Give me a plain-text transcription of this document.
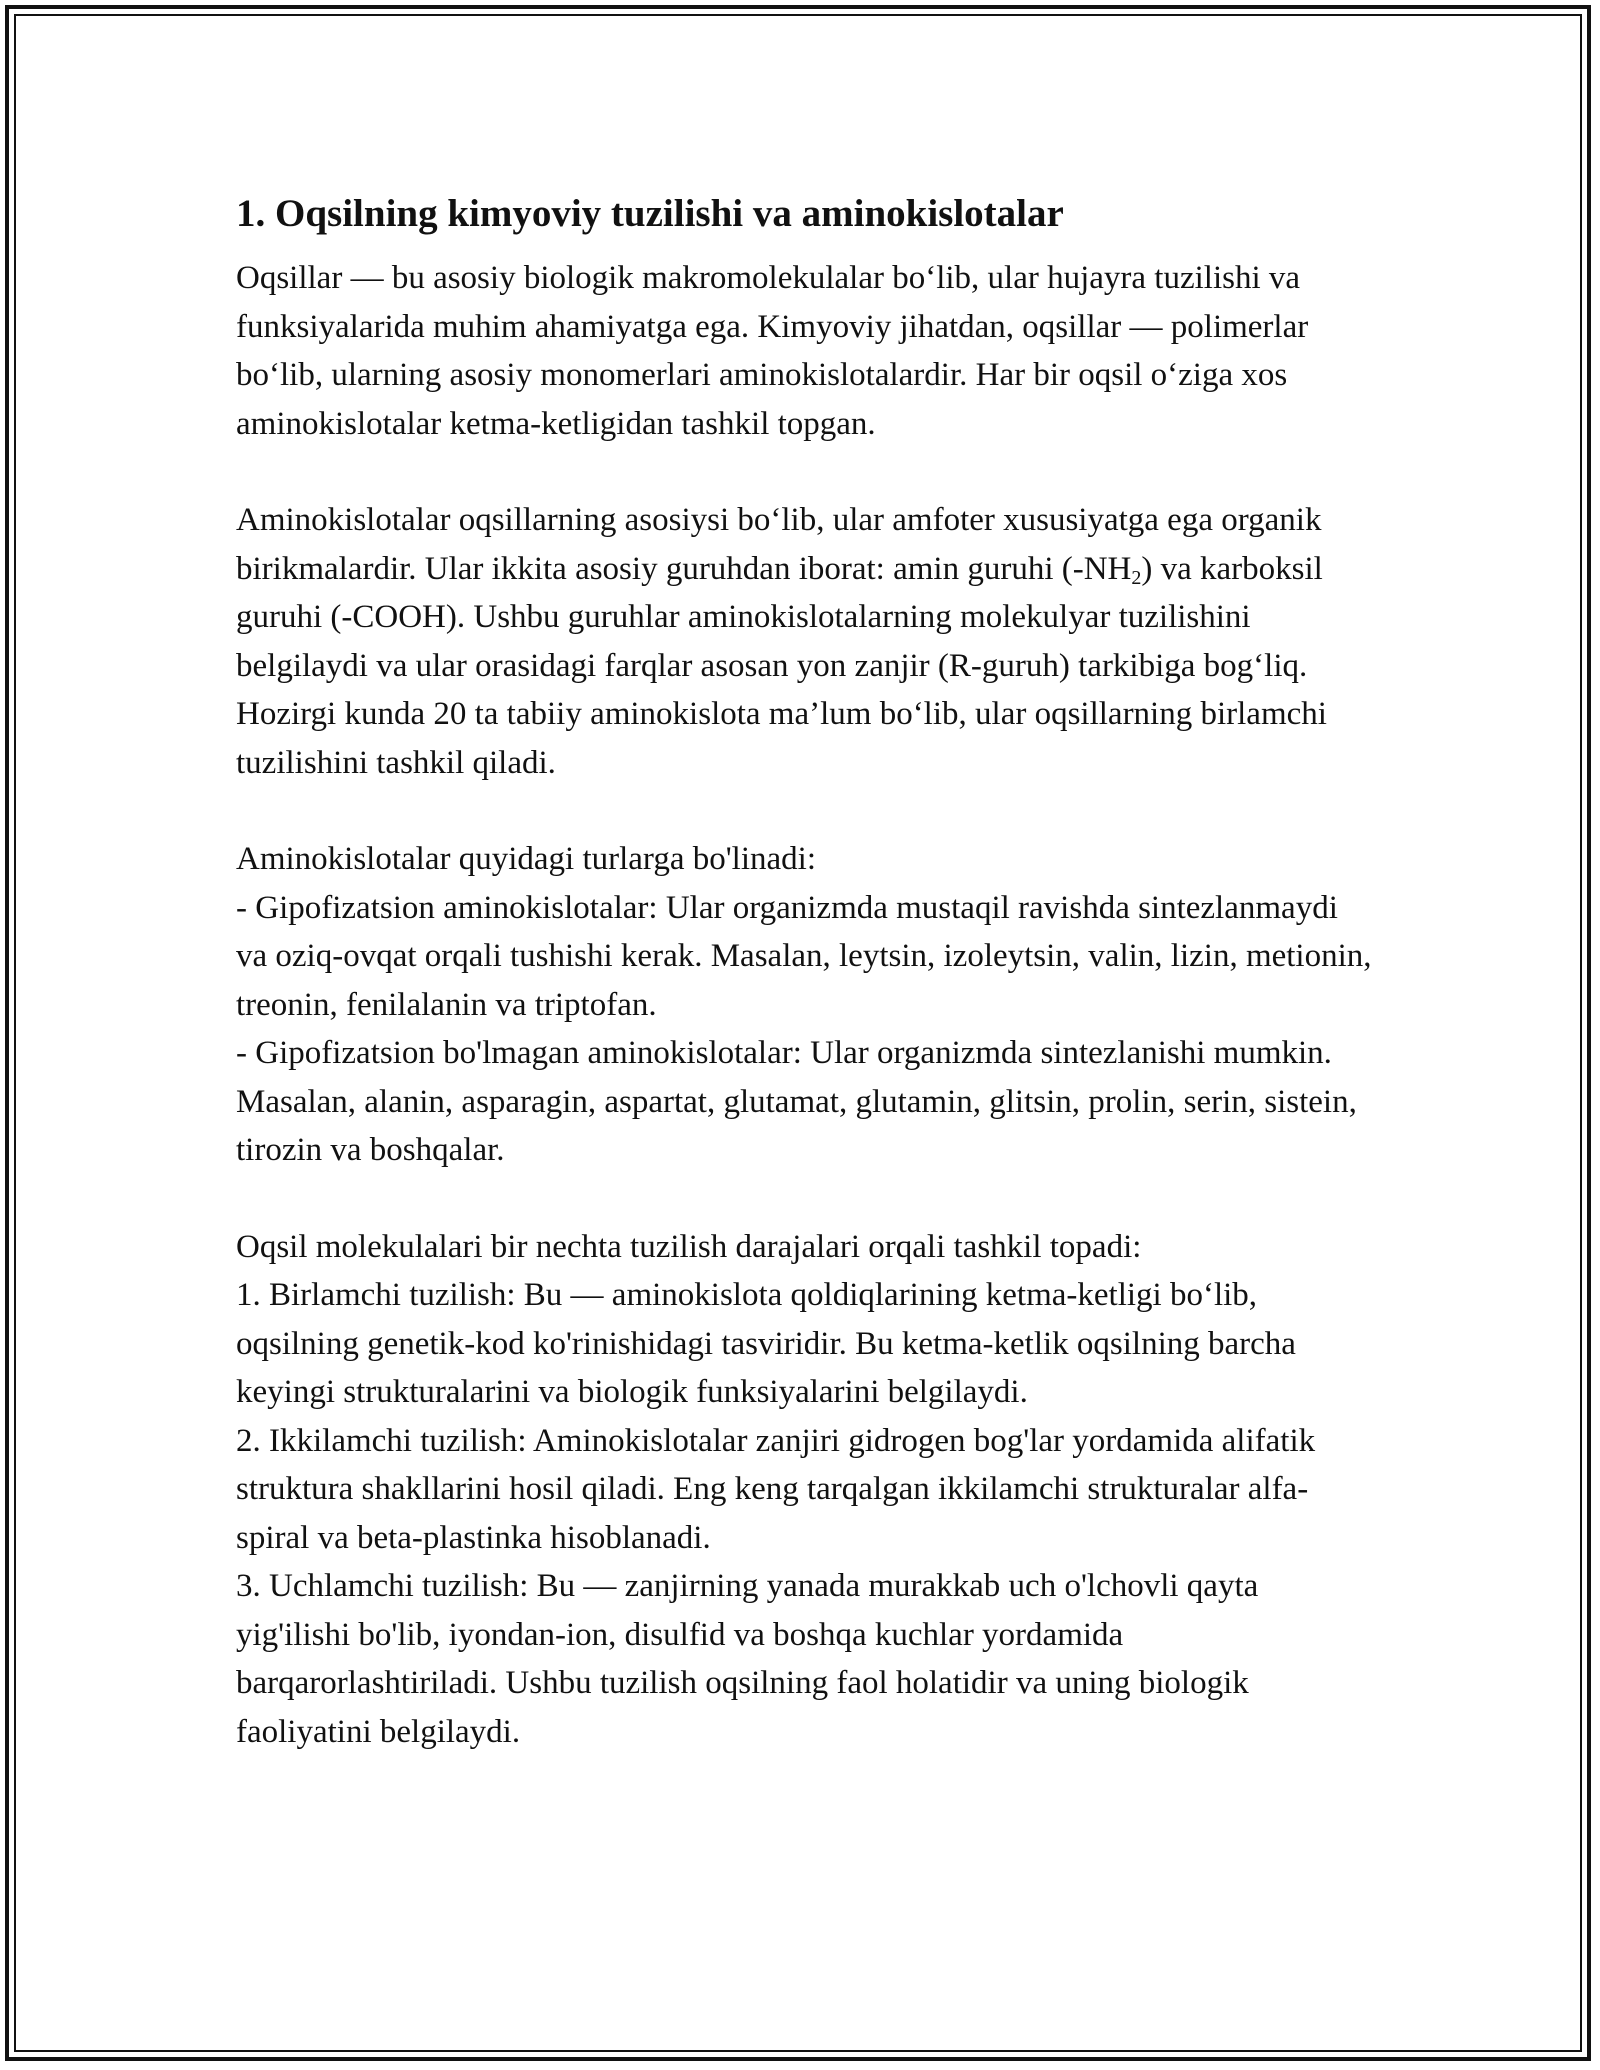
1. Oqsilning kimyoviy tuzilishi va aminokislotalar

Oqsillar — bu asosiy biologik makromolekulalar bo‘lib, ular hujayra tuzilishi va funksiyalarida muhim ahamiyatga ega. Kimyoviy jihatdan, oqsillar — polimerlar bo‘lib, ularning asosiy monomerlari aminokislotalardir. Har bir oqsil o‘ziga xos aminokislotalar ketma-ketligidan tashkil topgan.

Aminokislotalar oqsillarning asosiysi bo‘lib, ular amfoter xususiyatga ega organik birikmalardir. Ular ikkita asosiy guruhdan iborat: amin guruhi $(-NH_2)$ va karboksil guruhi (-COOH). Ushbu guruhlar aminokislotalarning molekulyar tuzilishini belgilaydi va ular orasidagi farqlar asosan yon zanjir (R-guruh) tarkibiga bog‘liq. Hozirgi kunda 20 ta tabiiy aminokislota ma’lum bo‘lib, ular oqsillarning birlamchi tuzilishini tashkil qiladi.

Aminokislotalar quyidagi turlarga bo'linadi:
- Gipofizatsion aminokislotalar: Ular organizmda mustaqil ravishda sintezlanmaydi va oziq-ovqat orqali tushishi kerak. Masalan, leytsin, izoleytsin, valin, lizin, metionin, treonin, fenilalanin va triptofan.
- Gipofizatsion bo'lmagan aminokislotalar: Ular organizmda sintezlanishi mumkin. Masalan, alanin, asparagin, aspartat, glutamat, glutamin, glitsin, prolin, serin, sistein, tirozin va boshqalar.

Oqsil molekulalari bir nechta tuzilish darajalari orqali tashkil topadi:
1. Birlamchi tuzilish: Bu — aminokislota qoldiqlarining ketma-ketligi bo‘lib, oqsilning genetik-kod ko'rinishidagi tasviridir. Bu ketma-ketlik oqsilning barcha keyingi strukturalarini va biologik funksiyalarini belgilaydi.
2. Ikkilamchi tuzilish: Aminokislotalar zanjiri gidrogen bog'lar yordamida alifatik struktura shakllarini hosil qiladi. Eng keng tarqalgan ikkilamchi strukturalar alfa-spiral va beta-plastinka hisoblanadi.
3. Uchlamchi tuzilish: Bu — zanjirning yanada murakkab uch o'lchovli qayta yig'ilishi bo'lib, iyondan-ion, disulfid va boshqa kuchlar yordamida barqarorlashtiriladi. Ushbu tuzilish oqsilning faol holatidir va uning biologik faoliyatini belgilaydi.
